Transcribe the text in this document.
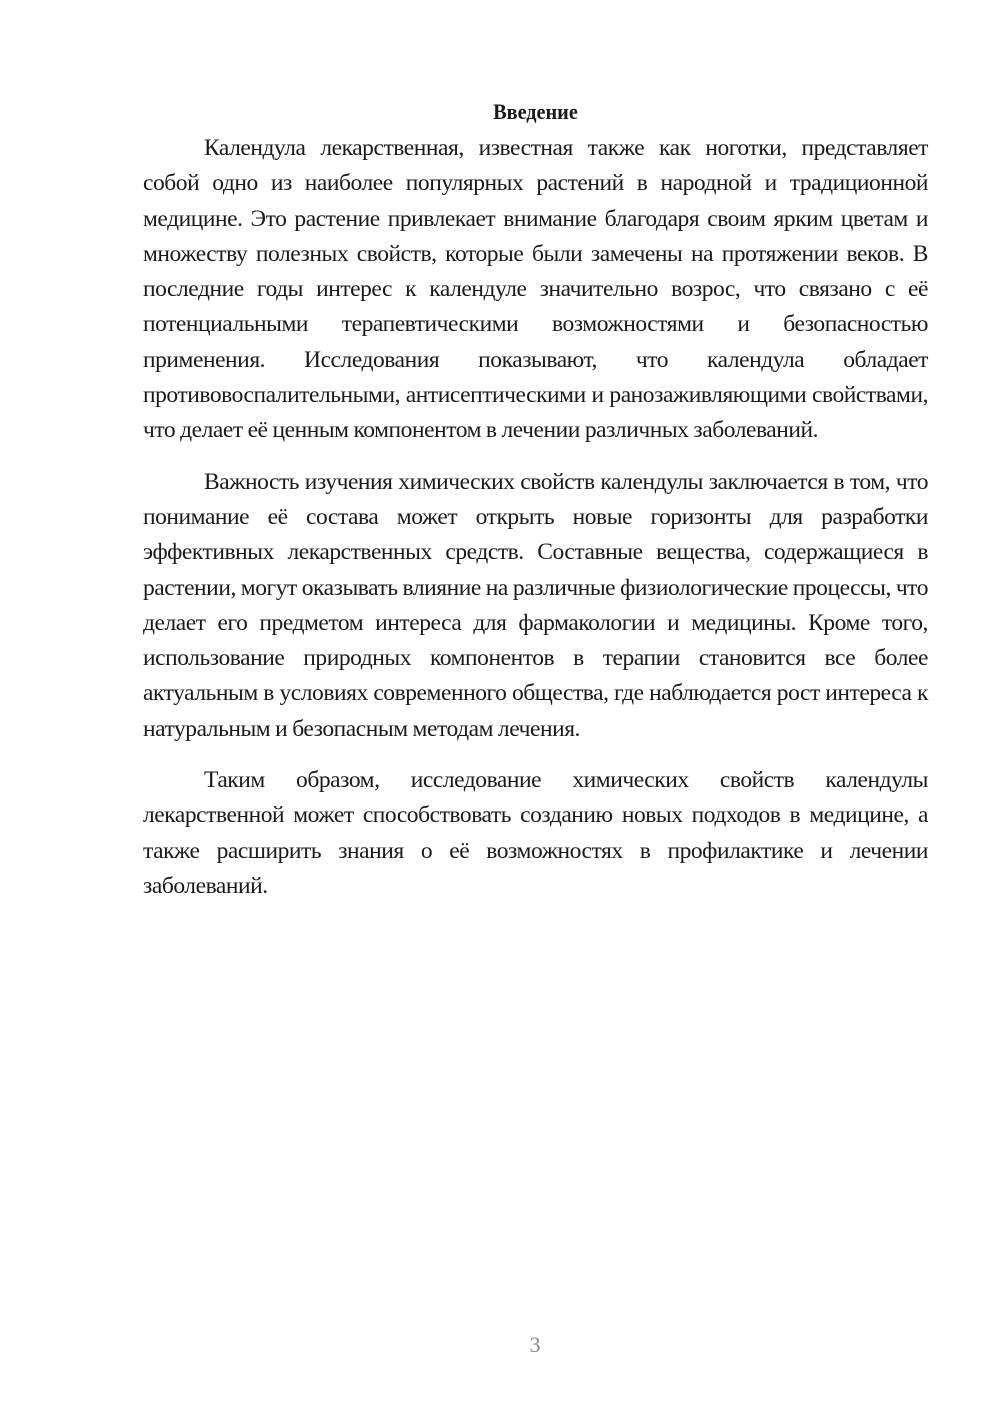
Введение

Календула лекарственная, известная также как ноготки, представляет собой одно из наиболее популярных растений в народной и традиционной медицине. Это растение привлекает внимание благодаря своим ярким цветам и множеству полезных свойств, которые были замечены на протяжении веков. В последние годы интерес к календуле значительно возрос, что связано с её потенциальными терапевтическими возможностями и безопасностью применения. Исследования показывают, что календула обладает противовоспалительными, антисептическими и ранозаживляющими свойствами, что делает её ценным компонентом в лечении различных заболеваний.

Важность изучения химических свойств календулы заключается в том, что понимание её состава может открыть новые горизонты для разработки эффективных лекарственных средств. Составные вещества, содержащиеся в растении, могут оказывать влияние на различные физиологические процессы, что делает его предметом интереса для фармакологии и медицины. Кроме того, использование природных компонентов в терапии становится все более актуальным в условиях современного общества, где наблюдается рост интереса к натуральным и безопасным методам лечения.

Таким образом, исследование химических свойств календулы лекарственной может способствовать созданию новых подходов в медицине, а также расширить знания о её возможностях в профилактике и лечении заболеваний.

3
